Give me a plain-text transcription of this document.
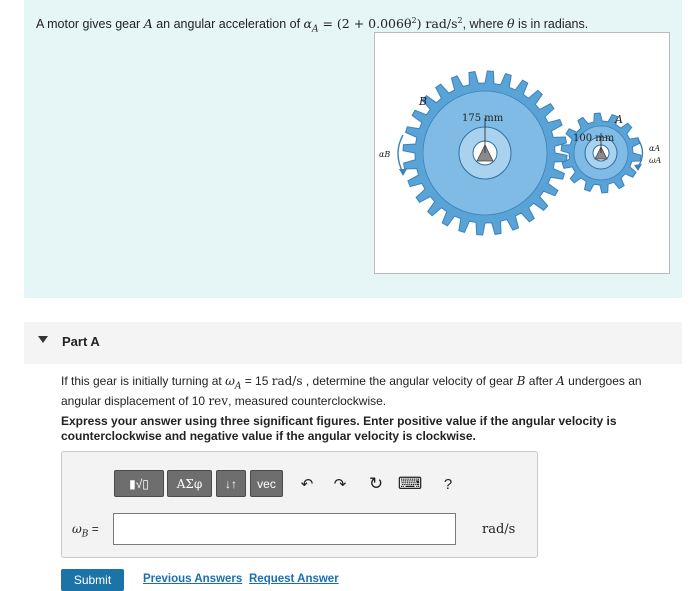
A motor gives gear A an angular acceleration of $\alpha_A = (2 + 0.006\theta^2)$ rad/$s^2$, where θ is in radians.
175 mm
100 mm
B
A
αB
αA
ωA
Part A
If this gear is initially turning at $\omega_A = 15$ rad/s , determine the angular velocity of gear B after A undergoes an angular displacement of 10 rev, measured counterclockwise.
Express your answer using three significant figures. Enter positive value if the angular velocity is counterclockwise and negative value if the angular velocity is clockwise.
▮√▯	ΑΣφ	↓↑	vec	↶ ↷ ↻ ⌨	?
$\omega_B$ =	rad/s
Submit	Previous Answers Request Answer
